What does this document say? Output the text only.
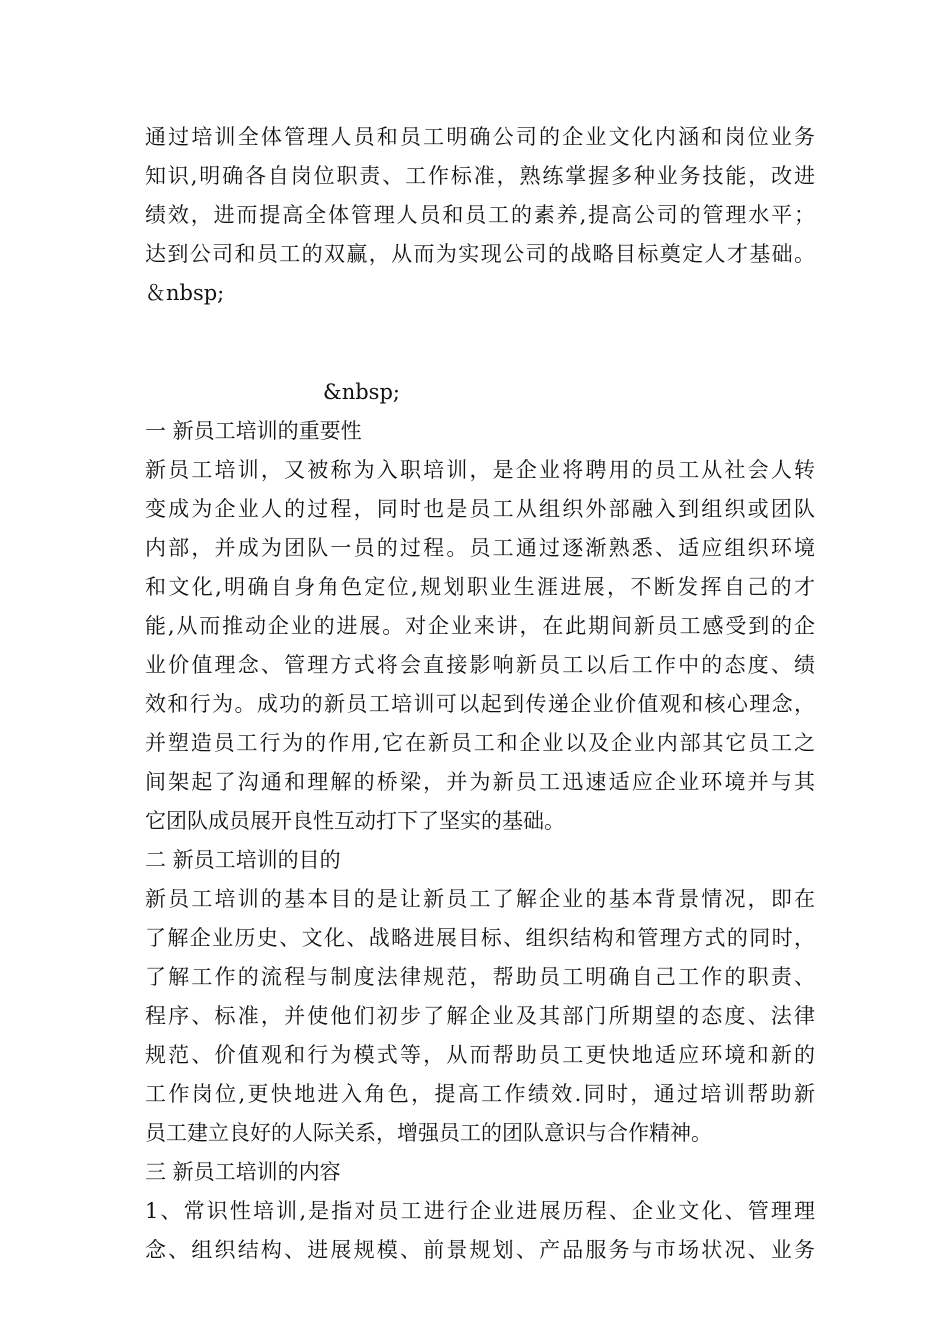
通过培训全体管理人员和员工明确公司的企业文化内涵和岗位业务
知识,明确各自岗位职责、工作标准，熟练掌握多种业务技能，改进
绩效，进而提高全体管理人员和员工的素养,提高公司的管理水平；
达到公司和员工的双赢，从而为实现公司的战略目标奠定人才基础。
＆nbsp;
&nbsp;
一 新员工培训的重要性
新员工培训，又被称为入职培训，是企业将聘用的员工从社会人转
变成为企业人的过程，同时也是员工从组织外部融入到组织或团队
内部，并成为团队一员的过程。员工通过逐渐熟悉、适应组织环境
和文化,明确自身角色定位,规划职业生涯进展，不断发挥自己的才
能,从而推动企业的进展。对企业来讲，在此期间新员工感受到的企
业价值理念、管理方式将会直接影响新员工以后工作中的态度、绩
效和行为。成功的新员工培训可以起到传递企业价值观和核心理念，
并塑造员工行为的作用,它在新员工和企业以及企业内部其它员工之
间架起了沟通和理解的桥梁，并为新员工迅速适应企业环境并与其
它团队成员展开良性互动打下了坚实的基础。
二 新员工培训的目的
新员工培训的基本目的是让新员工了解企业的基本背景情况，即在
了解企业历史、文化、战略进展目标、组织结构和管理方式的同时，
了解工作的流程与制度法律规范，帮助员工明确自己工作的职责、
程序、标准，并使他们初步了解企业及其部门所期望的态度、法律
规范、价值观和行为模式等，从而帮助员工更快地适应环境和新的
工作岗位,更快地进入角色，提高工作绩效.同时，通过培训帮助新
员工建立良好的人际关系，增强员工的团队意识与合作精神。
三 新员工培训的内容
1、常识性培训,是指对员工进行企业进展历程、企业文化、管理理
念、组织结构、进展规模、前景规划、产品服务与市场状况、业务
